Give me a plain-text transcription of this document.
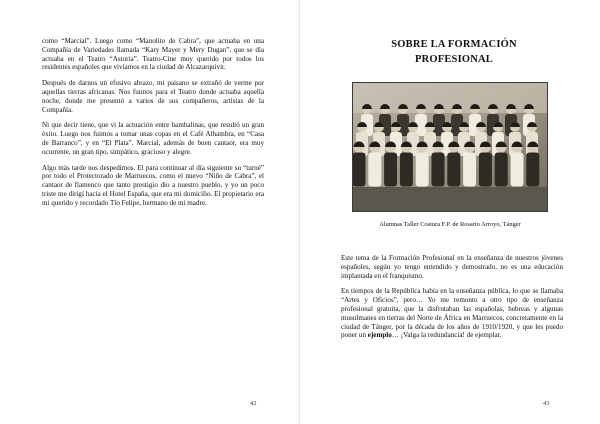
como “Marcial”. Luego como “Manolito de Cabra”, que actuaba en una Compañía de Variedades llamada “Kary Mayer y Mery Dugan”, que se día actuaba en el Teatro “Astoria”. Teatro-Cine muy querido por todos los residentes españoles que vivíamos en la ciudad de Alcazarquivir.

Después de darnos un efusivo abrazo, mi paisano se extrañó de verme por aquellas tierras africanas. Nos fuimos para el Teatro donde actuaba aquella noche, donde me presentó a varios de sus compañeros, artistas de la Compañía.

Ni que decir tiene, que vi la actuación entre bambalinas, que resultó un gran éxito. Luego nos fuimos a tomar unas copas en el Café Alhambra, en “Casa de Barranco”, y en “El Plata”. Marcial, además de buen cantaor, era muy ocurrente, un gran tipo, simpático, gracioso y alegre.

Algo más tarde nos despedimos. El para continuar al día siguiente su “turné” por todo el Protectorado de Marruecos, como el nuevo “Niño de Cabra”, el cantaor de flamenco que tanto prestigio dio a nuestro pueblo, y yo un poco triste me dirigí hacia el Hotel España, que era mi domicilio. El propietario era mi querido y recordado Tío Felipe, hermano de mi madre.

42
SOBRE LA FORMACIÓN
PROFESIONAL
Alumnas Taller Costura F.P. de Rosario Arroyo, Tánger

Este tema de la Formación Profesional en la enseñanza de nuestros jóvenes españoles, según yo tengo entendido y demostrado, no es una educación implantada en el franquismo.

En tiempos de la República había en la enseñanza pública, lo que se llamaba “Artes y Oficios”, pero… Yo me remonto a otro tipo de enseñanza profesional gratuita, que la disfrutaban las españolas, hebreas y algunas musulmanes en tierras del Norte de África en Marruecos, concretamente en la ciudad de Tánger, por la década de los años de 1910/1920, y que les puedo poner un ejemplo… ¡Valga la redundancia! de ejemplar.

43
